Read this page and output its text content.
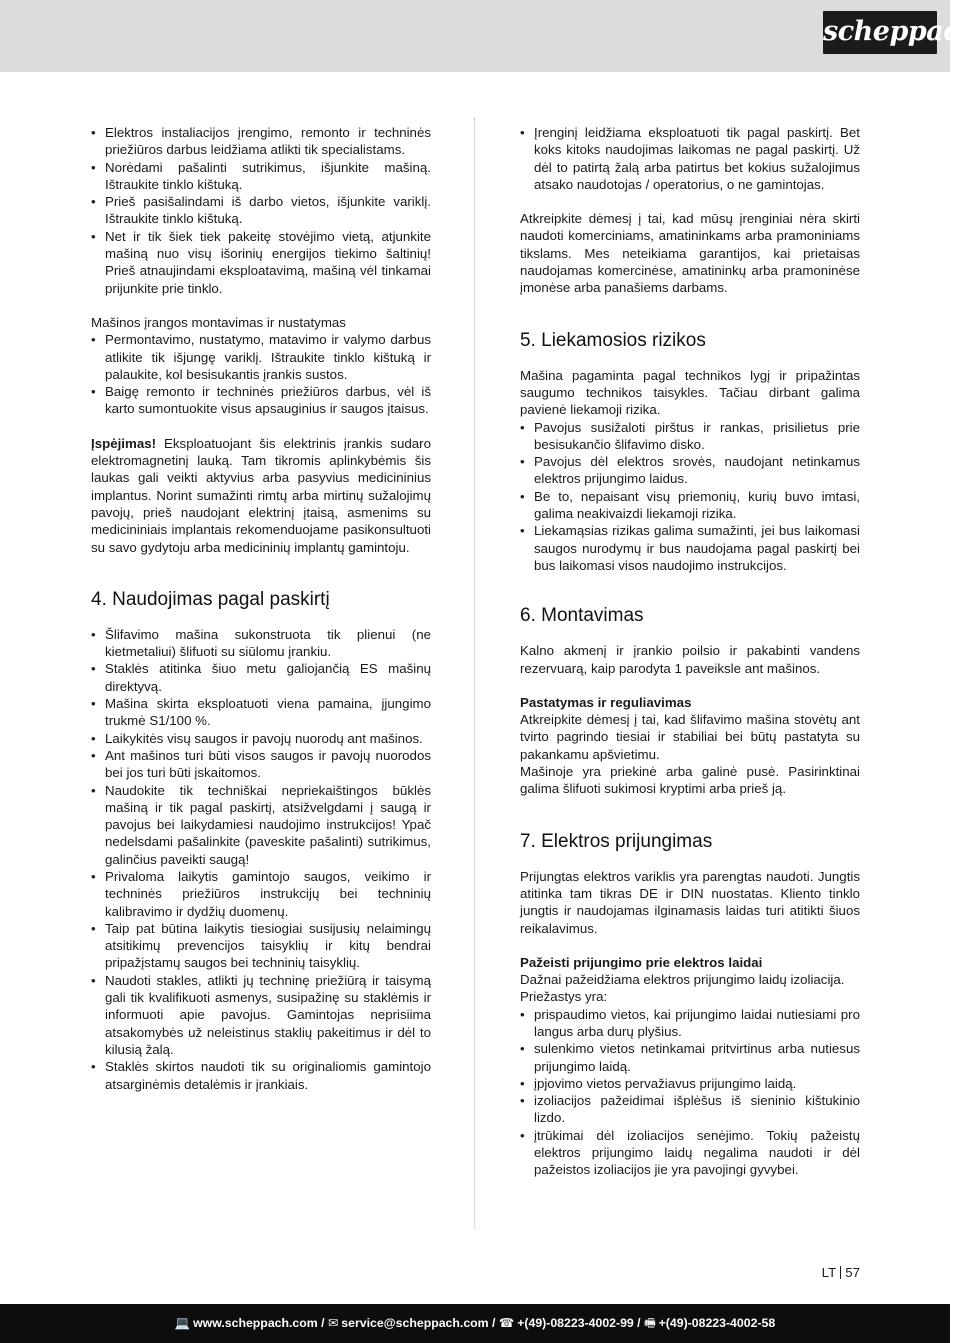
scheppach
• Elektros instaliacijos įrengimo, remonto ir techninės priežiūros darbus leidžiama atlikti tik specialistams.
• Norėdami pašalinti sutrikimus, išjunkite mašiną. Ištraukite tinklo kištuką.
• Prieš pasišalindami iš darbo vietos, išjunkite variklį. Ištraukite tinklo kištuką.
• Net ir tik šiek tiek pakeitę stovėjimo vietą, atjunkite mašiną nuo visų išorinių energijos tiekimo šaltinių! Prieš atnaujindami eksploatavimą, mašiną vėl tinkamai prijunkite prie tinklo.

Mašinos įrangos montavimas ir nustatymas

• Permontavimo, nustatymo, matavimo ir valymo darbus atlikite tik išjungę variklį. Ištraukite tinklo kištuką ir palaukite, kol besisukantis įrankis sustos.
• Baigę remonto ir techninės priežiūros darbus, vėl iš karto sumontuokite visus apsauginius ir saugos įtaisus.

Įspėjimas! Eksploatuojant šis elektrinis įrankis sudaro elektromagnetinį lauką. Tam tikromis aplinkybėmis šis laukas gali veikti aktyvius arba pasyvius medicininius implantus. Norint sumažinti rimtų arba mirtinų sužalojimų pavojų, prieš naudojant elektrinį įtaisą, asmenims su medicininiais implantais rekomenduojame pasikonsultuoti su savo gydytoju arba medicininių implantų gamintoju.

4. Naudojimas pagal paskirtį
• Šlifavimo mašina sukonstruota tik plienui (ne kietmetaliui) šlifuoti su siūlomu įrankiu.
• Staklės atitinka šiuo metu galiojančią ES mašinų direktyvą.
• Mašina skirta eksploatuoti viena pamaina, įjungimo trukmė S1/100 %.
• Laikykitės visų saugos ir pavojų nuorodų ant mašinos.
• Ant mašinos turi būti visos saugos ir pavojų nuorodos bei jos turi būti įskaitomos.
• Naudokite tik techniškai nepriekaištingos būklės mašiną ir tik pagal paskirtį, atsižvelgdami į saugą ir pavojus bei laikydamiesi naudojimo instrukcijos! Ypač nedelsdami pašalinkite (paveskite pašalinti) sutrikimus, galinčius paveikti saugą!
• Privaloma laikytis gamintojo saugos, veikimo ir techninės priežiūros instrukcijų bei techninių kalibravimo ir dydžių duomenų.
• Taip pat būtina laikytis tiesiogiai susijusių nelaimingų atsitikimų prevencijos taisyklių ir kitų bendrai pripažįstamų saugos bei techninių taisyklių.
• Naudoti stakles, atlikti jų techninę priežiūrą ir taisymą gali tik kvalifikuoti asmenys, susipažinę su staklėmis ir informuoti apie pavojus. Gamintojas neprisiima atsakomybės už neleistinus staklių pakeitimus ir dėl to kilusią žalą.
• Staklės skirtos naudoti tik su originaliomis gamintojo atsarginėmis detalėmis ir įrankiais.
• Įrenginį leidžiama eksploatuoti tik pagal paskirtį. Bet koks kitoks naudojimas laikomas ne pagal paskirtį. Už dėl to patirtą žalą arba patirtus bet kokius sužalojimus atsako naudotojas / operatorius, o ne gamintojas.

Atkreipkite dėmesį į tai, kad mūsų įrenginiai nėra skirti naudoti komerciniams, amatininkams arba pramoniniams tikslams. Mes neteikiama garantijos, kai prietaisas naudojamas komercinėse, amatininkų arba pramoninėse įmonėse arba panašiems darbams.

5. Liekamosios rizikos

Mašina pagaminta pagal technikos lygį ir pripažintas saugumo technikos taisykles. Tačiau dirbant galima pavienė liekamoji rizika.

• Pavojus susižaloti pirštus ir rankas, prisilietus prie besisukančio šlifavimo disko.
• Pavojus dėl elektros srovės, naudojant netinkamus elektros prijungimo laidus.
• Be to, nepaisant visų priemonių, kurių buvo imtasi, galima neakivaizdi liekamoji rizika.
• Liekamąsias rizikas galima sumažinti, jei bus laikomasi saugos nurodymų ir bus naudojama pagal paskirtį bei bus laikomasi visos naudojimo instrukcijos.
6. Montavimas

Kalno akmenį ir įrankio poilsio ir pakabinti vandens rezervuarą, kaip parodyta 1 paveiksle ant mašinos.

Pastatymas ir reguliavimas

Atkreipkite dėmesį į tai, kad šlifavimo mašina stovėtų ant tvirto pagrindo tiesiai ir stabiliai bei būtų pastatyta su pakankamu apšvietimu.

Mašinoje yra priekinė arba galinė pusė. Pasirinktinai galima šlifuoti sukimosi kryptimi arba prieš ją.

7. Elektros prijungimas

Prijungtas elektros variklis yra parengtas naudoti. Jungtis atitinka tam tikras DE ir DIN nuostatas. Kliento tinklo jungtis ir naudojamas ilginamasis laidas turi atitikti šiuos reikalavimus.

Pažeisti prijungimo prie elektros laidai

Dažnai pažeidžiama elektros prijungimo laidų izoliacija.

Priežastys yra:

• prispaudimo vietos, kai prijungimo laidai nutiesiami pro langus arba durų plyšius.
• sulenkimo vietos netinkamai pritvirtinus arba nutiesus prijungimo laidą.
• įpjovimo vietos pervažiavus prijungimo laidą.
• izoliacijos pažeidimai išplėšus iš sieninio kištukinio lizdo.
• įtrūkimai dėl izoliacijos senėjimo. Tokių pažeistų elektros prijungimo laidų negalima naudoti ir dėl pažeistos izoliacijos jie yra pavojingi gyvybei.
LT 57
💻 www.scheppach.com / ✉ service@scheppach.com / ☎ +(49)-08223-4002-99 / 🖷 +(49)-08223-4002-58
